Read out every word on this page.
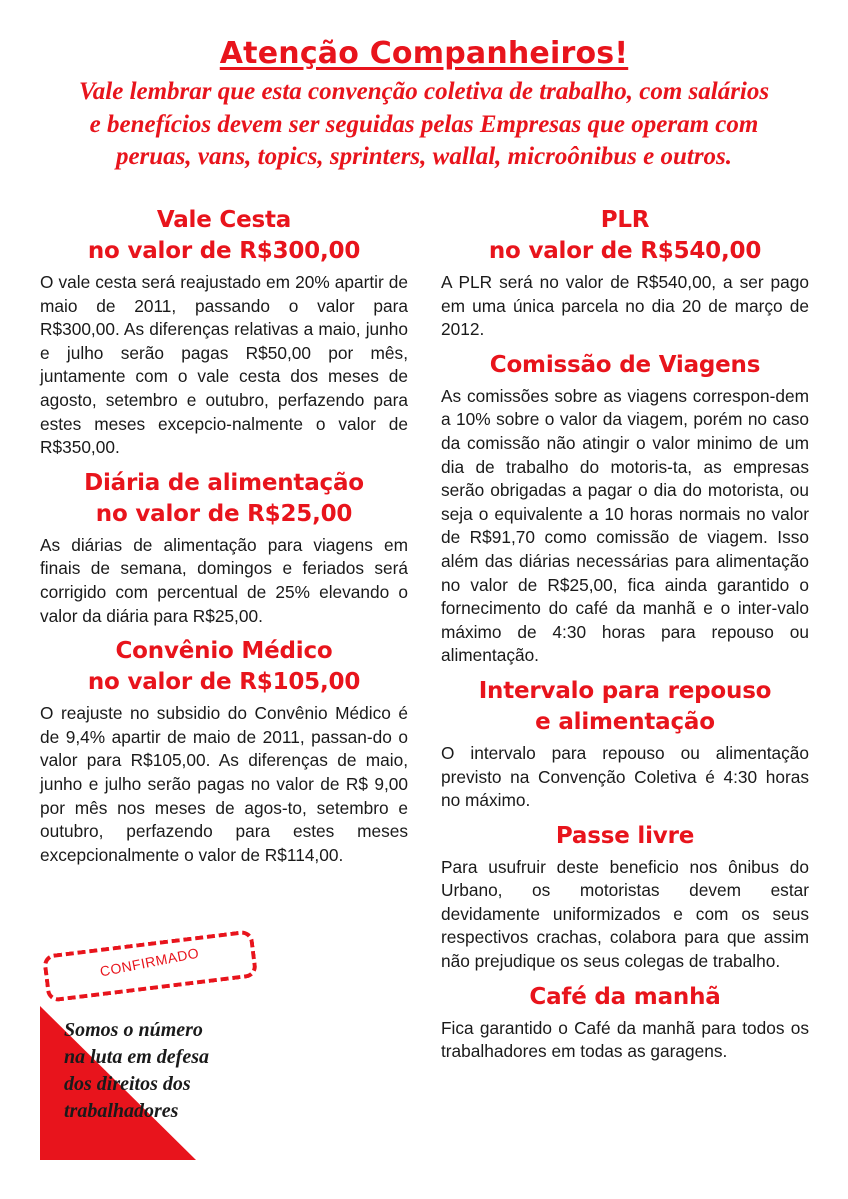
Atenção Companheiros!
Vale lembrar que esta convenção coletiva de trabalho, com salários
e benefícios devem ser seguidas pelas Empresas que operam com
peruas, vans, topics, sprinters, wallal, microônibus e outros.
Vale Cesta
no valor de R$300,00

O vale cesta será reajustado em 20% apartir de maio de 2011, passando o valor para R$300,00. As diferenças relativas a maio, junho e julho serão pagas R$50,00 por mês, juntamente com o vale cesta dos meses de agosto, setembro e outubro, perfazendo para estes meses excepcio-nalmente o valor de R$350,00.

Diária de alimentação
no valor de R$25,00

As diárias de alimentação para viagens em finais de semana, domingos e feriados será corrigido com percentual de 25% elevando o valor da diária para R$25,00.

Convênio Médico
no valor de R$105,00

O reajuste no subsidio do Convênio Médico é de 9,4% apartir de maio de 2011, passan-do o valor para R$105,00. As diferenças de maio, junho e julho serão pagas no valor de R$ 9,00 por mês nos meses de agos-to, setembro e outubro, perfazendo para estes meses excepcionalmente o valor de R$114,00.

PLR
no valor de R$540,00

A PLR será no valor de R$540,00, a ser pago em uma única parcela no dia 20 de março de 2012.

Comissão de Viagens

As comissões sobre as viagens correspon-dem a 10% sobre o valor da viagem, porém no caso da comissão não atingir o valor minimo de um dia de trabalho do motoris-ta, as empresas serão obrigadas a pagar o dia do motorista, ou seja o equivalente a 10 horas normais no valor de R$91,70 como comissão de viagem. Isso além das diárias necessárias para alimentação no valor de R$25,00, fica ainda garantido o fornecimento do café da manhã e o inter-valo máximo de 4:30 horas para repouso ou alimentação.

Intervalo para repouso
e alimentação

O intervalo para repouso ou alimentação previsto na Convenção Coletiva é 4:30 horas no máximo.

Passe livre

Para usufruir deste beneficio nos ônibus do Urbano, os motoristas devem estar devidamente uniformizados e com os seus respectivos crachas, colabora para que assim não prejudique os seus colegas de trabalho.

Café da manhã

Fica garantido o Café da manhã para todos os trabalhadores em todas as garagens.

CONFIRMADO
Somos o número
na luta em defesa
dos direitos dos
trabalhadores
